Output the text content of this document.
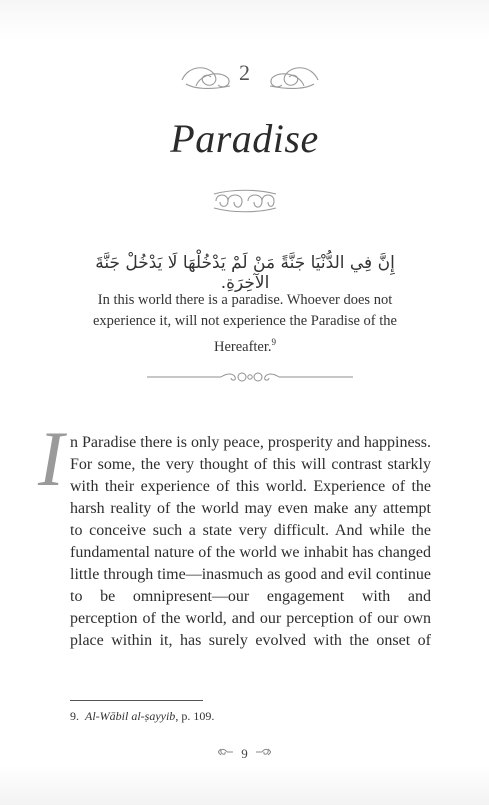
2
Paradise
إِنَّ فِي الدُّنْيَا جَنَّةً مَنْ لَمْ يَدْخُلْهَا لَا يَدْخُلْ جَنَّةَ الآخِرَةِ.
In this world there is a paradise. Whoever does not experience it, will not experience the Paradise of the Hereafter.$^9$
I n Paradise there is only peace, prosperity and happiness. For some, the very thought of this will contrast starkly with their experience of this world. Experience of the harsh reality of the world may even make any attempt to conceive such a state very difficult. And while the fundamental nature of the world we inhabit has changed little through time—inasmuch as good and evil continue to be omnipresent—our engagement with and perception of the world, and our perception of our own place within it, has surely evolved with the onset of
9. Al-Wābil al-ṣayyib, p. 109.
9
